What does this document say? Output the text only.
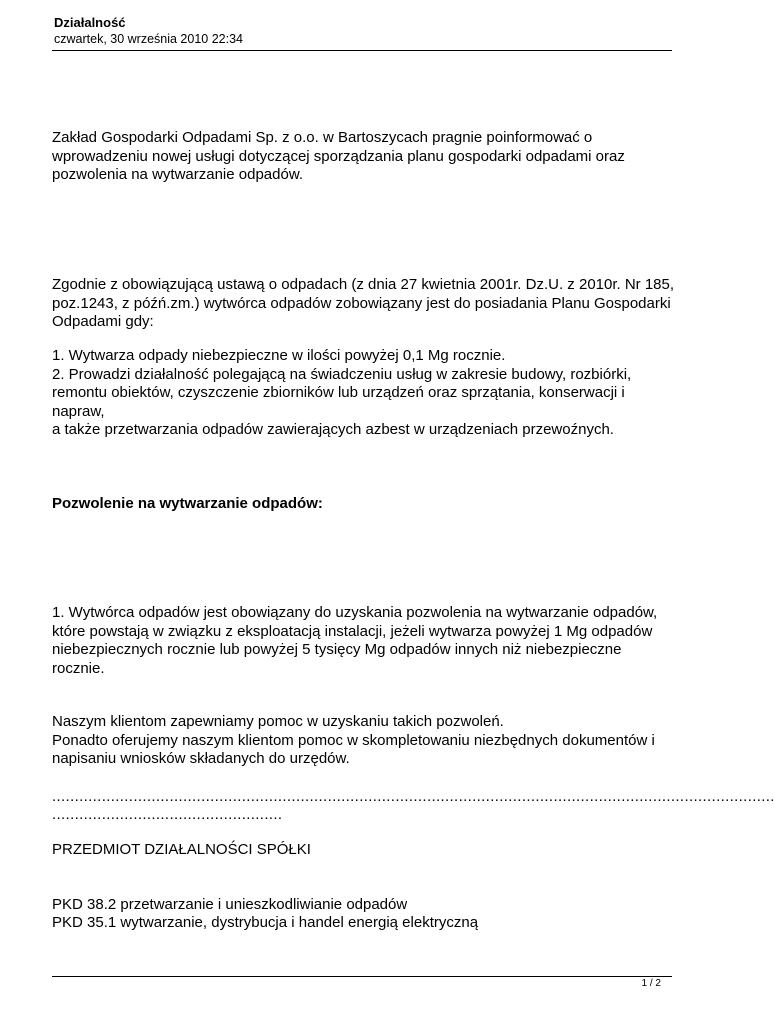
Działalność
czwartek, 30 września 2010 22:34
Zakład Gospodarki Odpadami Sp. z o.o. w Bartoszycach pragnie poinformować o
wprowadzeniu nowej usługi dotyczącej sporządzania planu gospodarki odpadami oraz
pozwolenia na wytwarzanie odpadów.
Zgodnie z obowiązującą ustawą o odpadach (z dnia 27 kwietnia 2001r. Dz.U. z 2010r. Nr 185,
poz.1243, z późń.zm.) wytwórca odpadów zobowiązany jest do posiadania Planu Gospodarki
Odpadami gdy:
1. Wytwarza odpady niebezpieczne w ilości powyżej 0,1 Mg rocznie.
2. Prowadzi działalność polegającą na świadczeniu usług w zakresie budowy, rozbiórki,
remontu obiektów, czyszczenie zbiorników lub urządzeń oraz sprzątania, konserwacji i napraw,
a także przetwarzania odpadów zawierających azbest w urządzeniach przewoźnych.
Pozwolenie na wytwarzanie odpadów:
1. Wytwórca odpadów jest obowiązany do uzyskania pozwolenia na wytwarzanie odpadów,
które powstają w związku z eksploatacją instalacji, jeżeli wytwarza powyżej 1 Mg odpadów
niebezpiecznych rocznie lub powyżej 5 tysięcy Mg odpadów innych niż niebezpieczne rocznie.
Naszym klientom zapewniamy pomoc w uzyskaniu takich pozwoleń.
Ponadto oferujemy naszym klientom pomoc w skompletowaniu niezbędnych dokumentów i
napisaniu wniosków składanych do urzędów.
................................................................................................................................................................
...................................................
PRZEDMIOT DZIAŁALNOŚCI SPÓŁKI
PKD 38.2 przetwarzanie i unieszkodliwianie odpadów
PKD 35.1 wytwarzanie, dystrybucja i handel energią elektryczną
1 / 2
